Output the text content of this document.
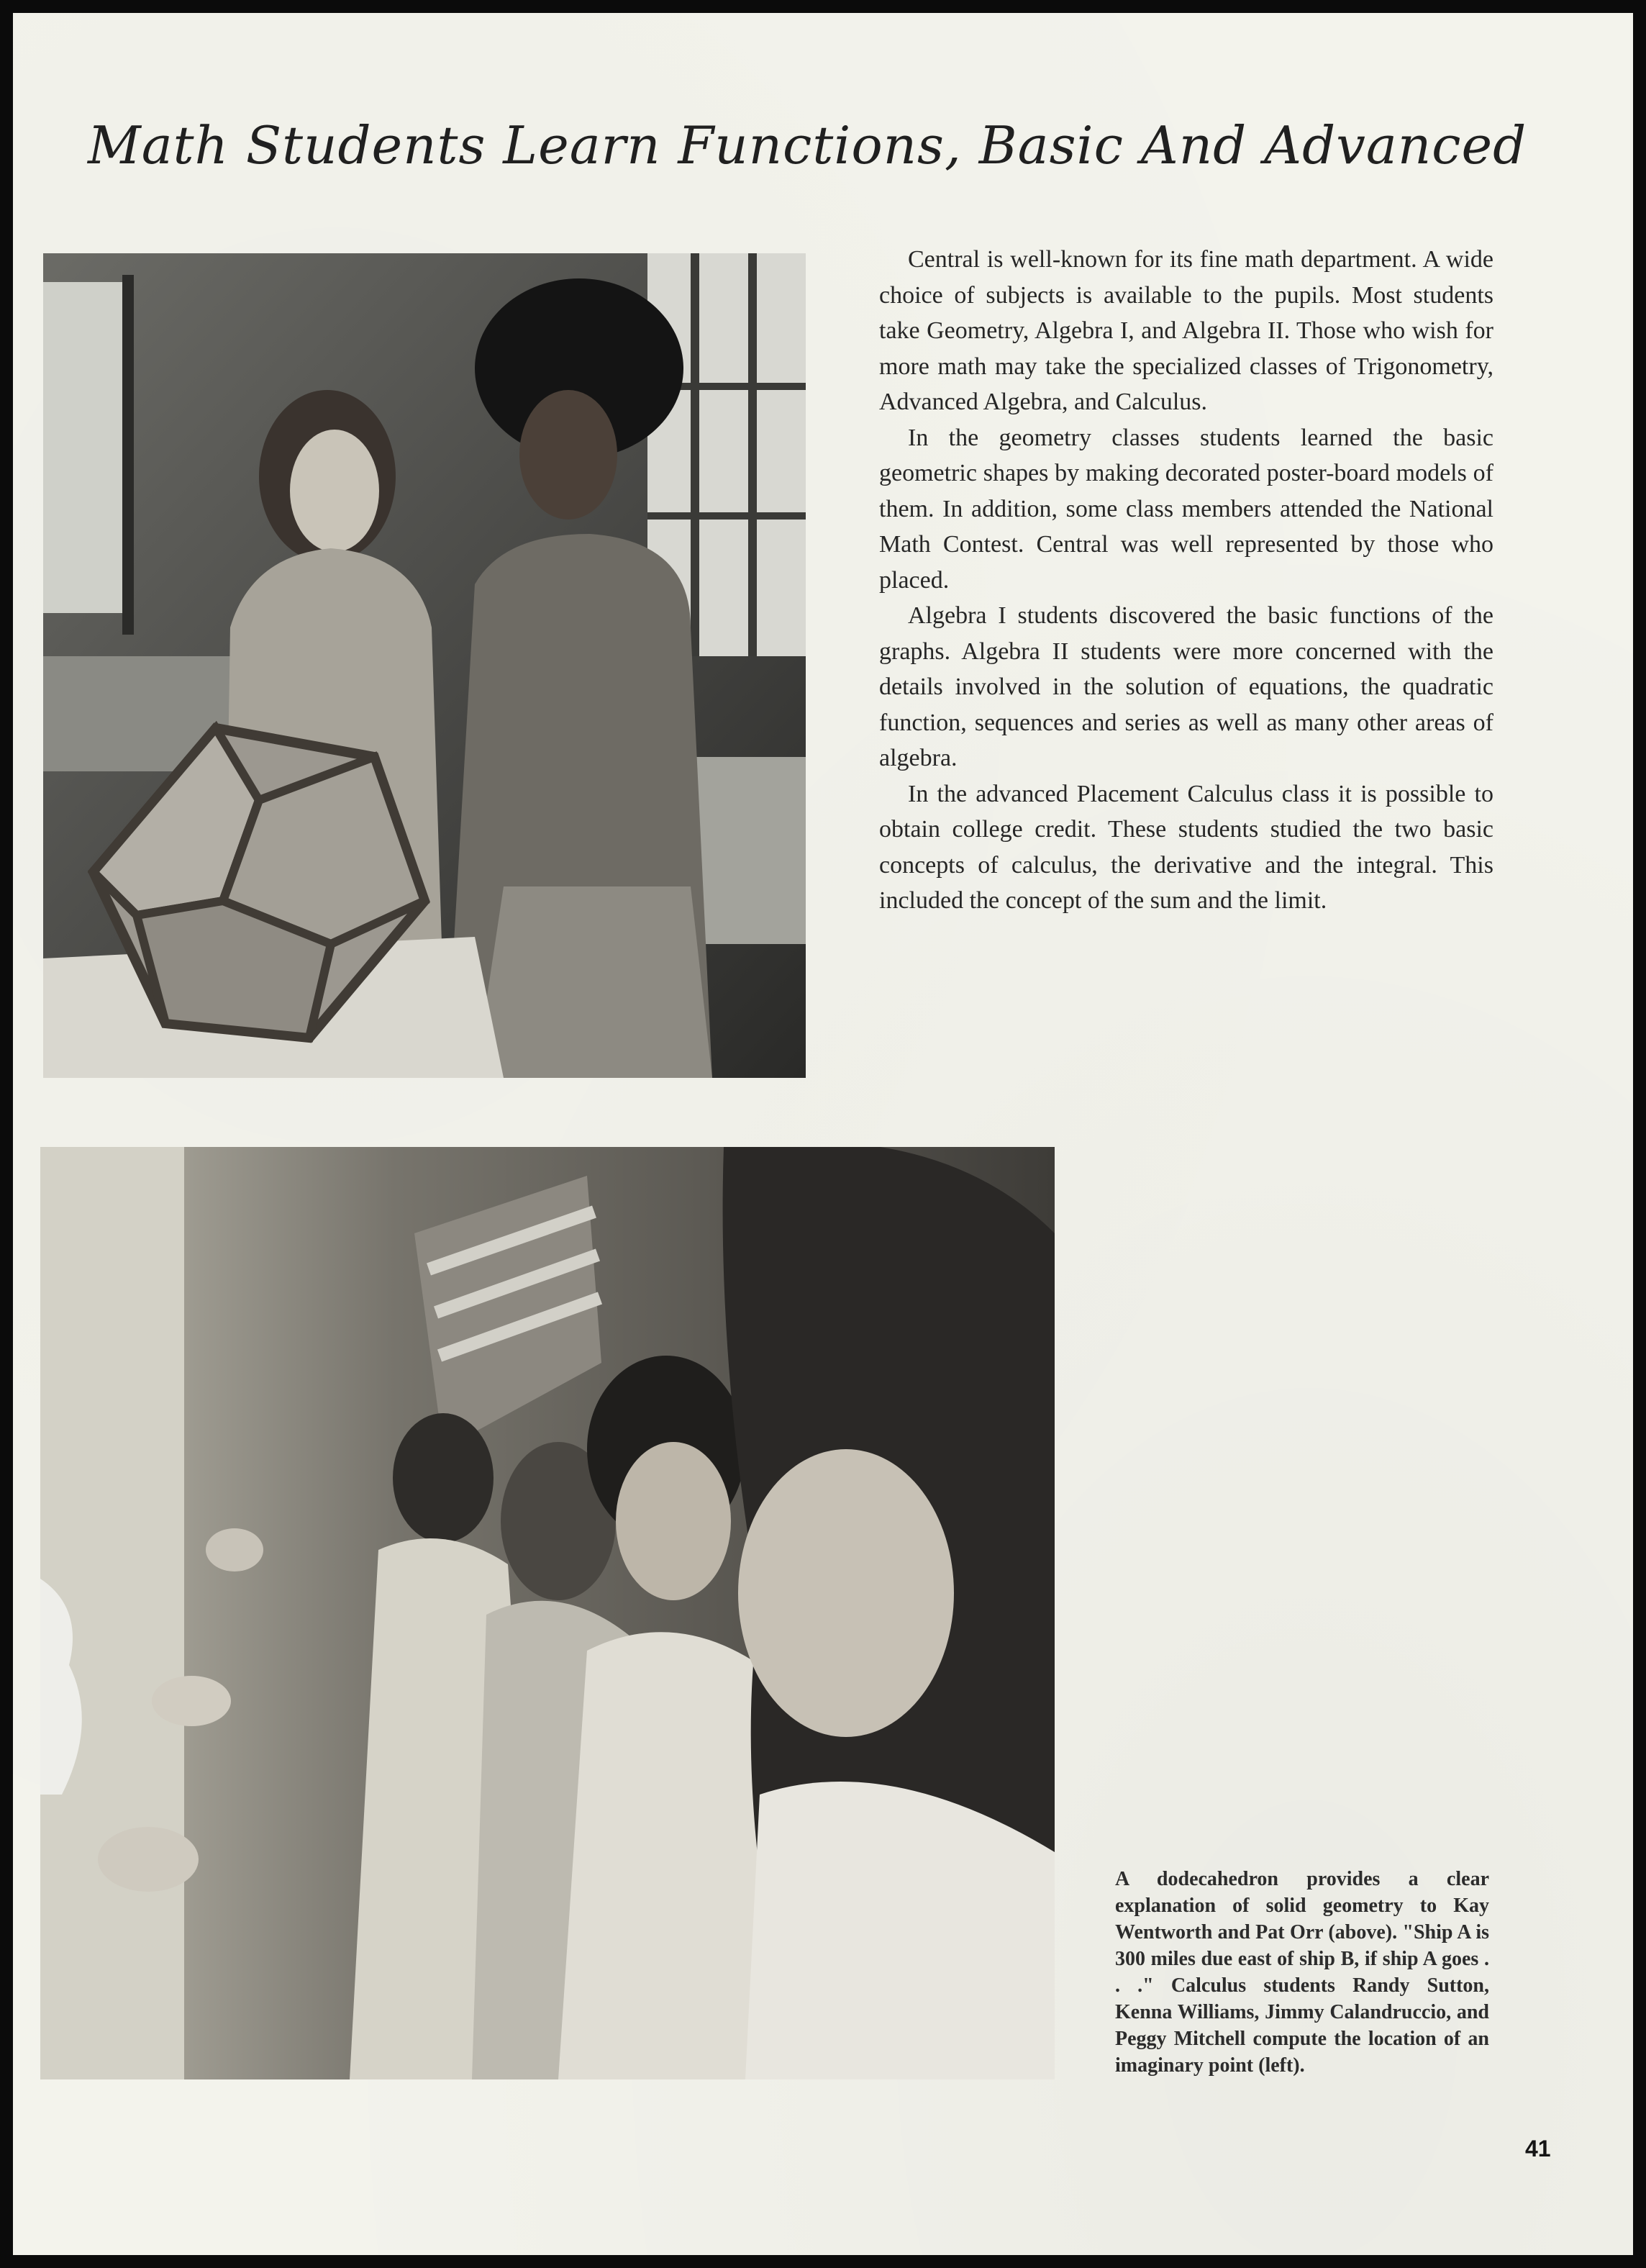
Math Students Learn Functions, Basic And Advanced

Central is well-known for its fine math department. A wide choice of subjects is available to the pupils. Most students take Geometry, Algebra I, and Algebra II. Those who wish for more math may take the specialized classes of Trigonometry, Advanced Algebra, and Calculus.

In the geometry classes students learned the basic geometric shapes by making decorated poster-board models of them. In addition, some class members attended the National Math Contest. Central was well represented by those who placed.

Algebra I students discovered the basic functions of the graphs. Algebra II students were more concerned with the details involved in the solution of equations, the quadratic function, sequences and series as well as many other areas of algebra.

In the advanced Placement Calculus class it is possible to obtain college credit. These students studied the two basic concepts of calculus, the derivative and the integral. This included the concept of the sum and the limit.

A dodecahedron provides a clear explanation of solid geometry to Kay Wentworth and Pat Orr (above). "Ship A is 300 miles due east of ship B, if ship A goes . . ." Calculus students Randy Sutton, Kenna Williams, Jimmy Calandruccio, and Peggy Mitchell compute the location of an imaginary point (left).

41
